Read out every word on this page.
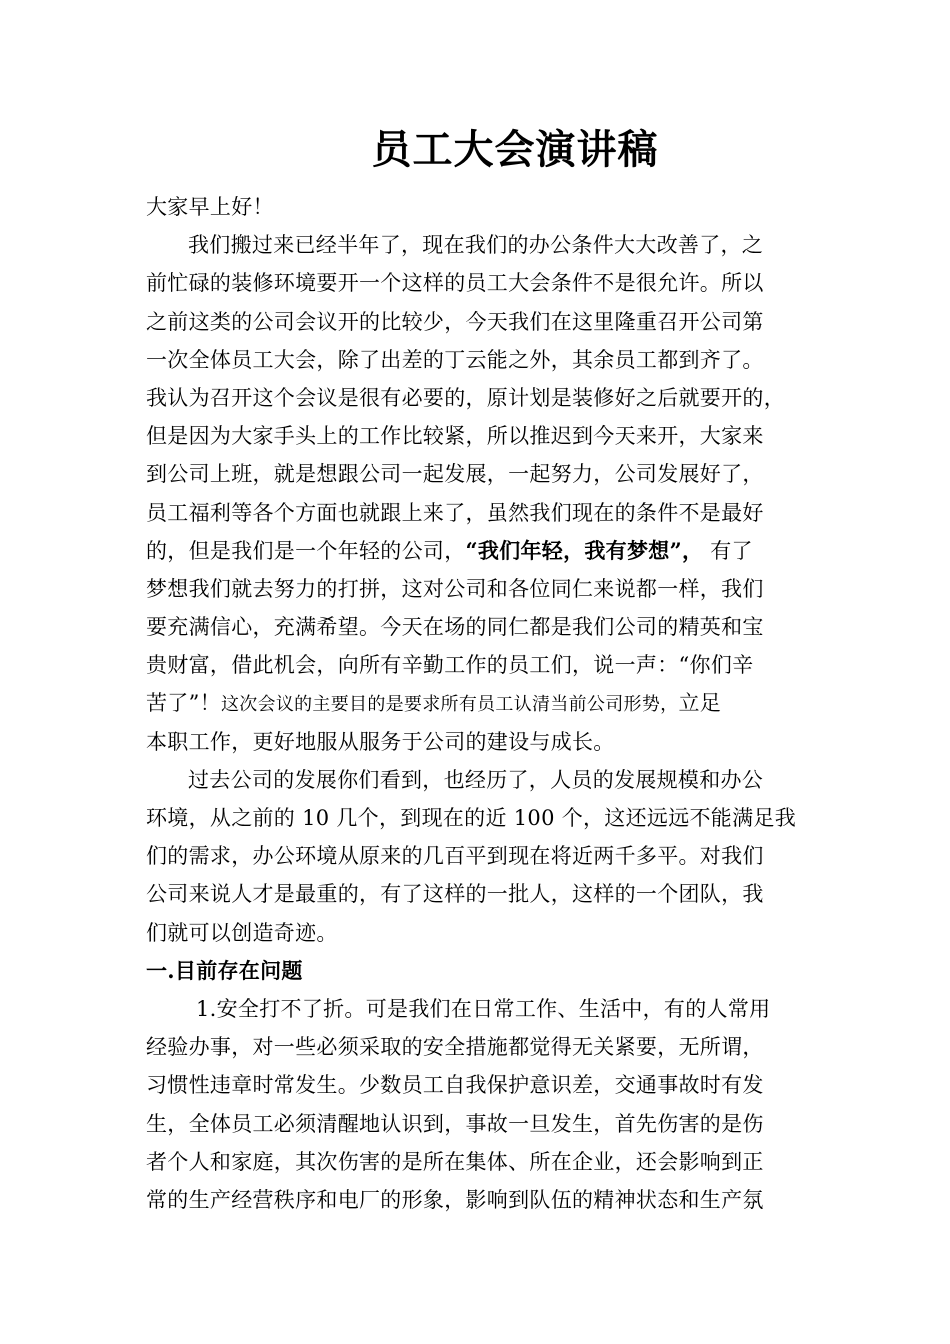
员工大会演讲稿
大家早上好！
我们搬过来已经半年了，现在我们的办公条件大大改善了，之
前忙碌的装修环境要开一个这样的员工大会条件不是很允许。所以
之前这类的公司会议开的比较少，今天我们在这里隆重召开公司第
一次全体员工大会，除了出差的丁云能之外，其余员工都到齐了。
我认为召开这个会议是很有必要的，原计划是装修好之后就要开的，
但是因为大家手头上的工作比较紧，所以推迟到今天来开，大家来
到公司上班，就是想跟公司一起发展，一起努力，公司发展好了，
员工福利等各个方面也就跟上来了，虽然我们现在的条件不是最好
的，但是我们是一个年轻的公司，“我们年轻，我有梦想”， 有了
梦想我们就去努力的打拼，这对公司和各位同仁来说都一样，我们
要充满信心，充满希望。今天在场的同仁都是我们公司的精英和宝
贵财富，借此机会，向所有辛勤工作的员工们，说一声：“你们辛
苦了”！这次会议的主要目的是要求所有员工认清当前公司形势，立足
本职工作，更好地服从服务于公司的建设与成长。
过去公司的发展你们看到，也经历了，人员的发展规模和办公
环境，从之前的 10 几个，到现在的近 100 个，这还远远不能满足我
们的需求，办公环境从原来的几百平到现在将近两千多平。对我们
公司来说人才是最重的，有了这样的一批人，这样的一个团队，我
们就可以创造奇迹。
一.目前存在问题
1.安全打不了折。可是我们在日常工作、生活中，有的人常用
经验办事，对一些必须采取的安全措施都觉得无关紧要，无所谓，
习惯性违章时常发生。少数员工自我保护意识差，交通事故时有发
生，全体员工必须清醒地认识到，事故一旦发生，首先伤害的是伤
者个人和家庭，其次伤害的是所在集体、所在企业，还会影响到正
常的生产经营秩序和电厂的形象，影响到队伍的精神状态和生产氛
